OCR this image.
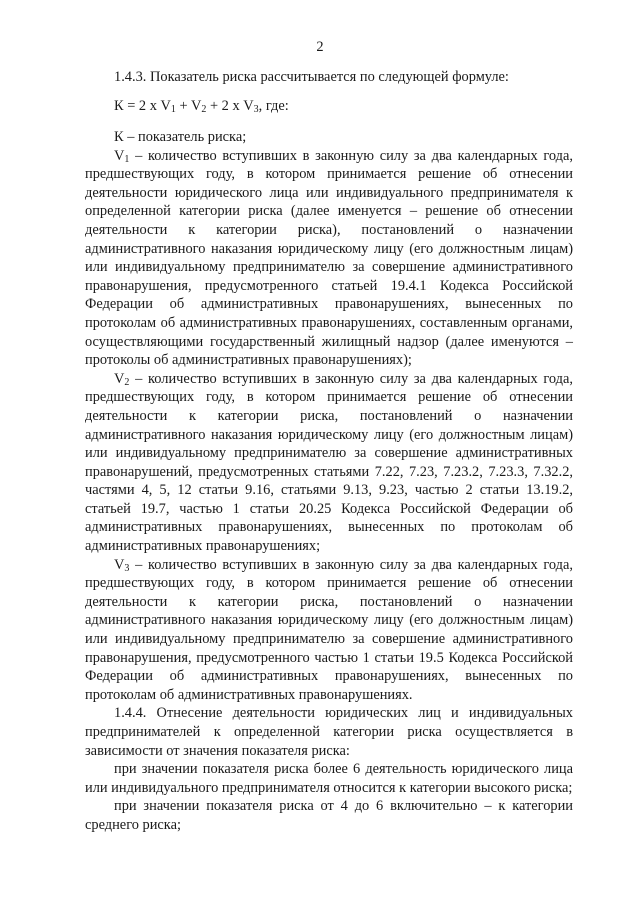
2
1.4.3. Показатель риска рассчитывается по следующей формуле:
К = 2 х $V_1 + V_2 + 2$ х $V_3$, где:

К – показатель риска;

$V_1$ – количество вступивших в законную силу за два календарных года, предшествующих году, в котором принимается решение об отнесении деятельности юридического лица или индивидуального предпринимателя к определенной категории риска (далее именуется – решение об отнесении деятельности к категории риска), постановлений о назначении административного наказания юридическому лицу (его должностным лицам) или индивидуальному предпринимателю за совершение административного правонарушения, предусмотренного статьей 19.4.1 Кодекса Российской Федерации об административных правонарушениях, вынесенных по протоколам об административных правонарушениях, составленным органами, осуществляющими государственный жилищный надзор (далее именуются – протоколы об административных правонарушениях);

$V_2$ – количество вступивших в законную силу за два календарных года, предшествующих году, в котором принимается решение об отнесении деятельности к категории риска, постановлений о назначении административного наказания юридическому лицу (его должностным лицам) или индивидуальному предпринимателю за совершение административных правонарушений, предусмотренных статьями 7.22, 7.23, 7.23.2, 7.23.3, 7.32.2, частями 4, 5, 12 статьи 9.16, статьями 9.13, 9.23, частью 2 статьи 13.19.2, статьей 19.7, частью 1 статьи 20.25 Кодекса Российской Федерации об административных правонарушениях, вынесенных по протоколам об административных правонарушениях;

$V_3$ – количество вступивших в законную силу за два календарных года, предшествующих году, в котором принимается решение об отнесении деятельности к категории риска, постановлений о назначении административного наказания юридическому лицу (его должностным лицам) или индивидуальному предпринимателю за совершение административного правонарушения, предусмотренного частью 1 статьи 19.5 Кодекса Российской Федерации об административных правонарушениях, вынесенных по протоколам об административных правонарушениях.

1.4.4. Отнесение деятельности юридических лиц и индивидуальных предпринимателей к определенной категории риска осуществляется в зависимости от значения показателя риска:

при значении показателя риска более 6 деятельность юридического лица или индивидуального предпринимателя относится к категории высокого риска;

при значении показателя риска от 4 до 6 включительно – к категории среднего риска;
